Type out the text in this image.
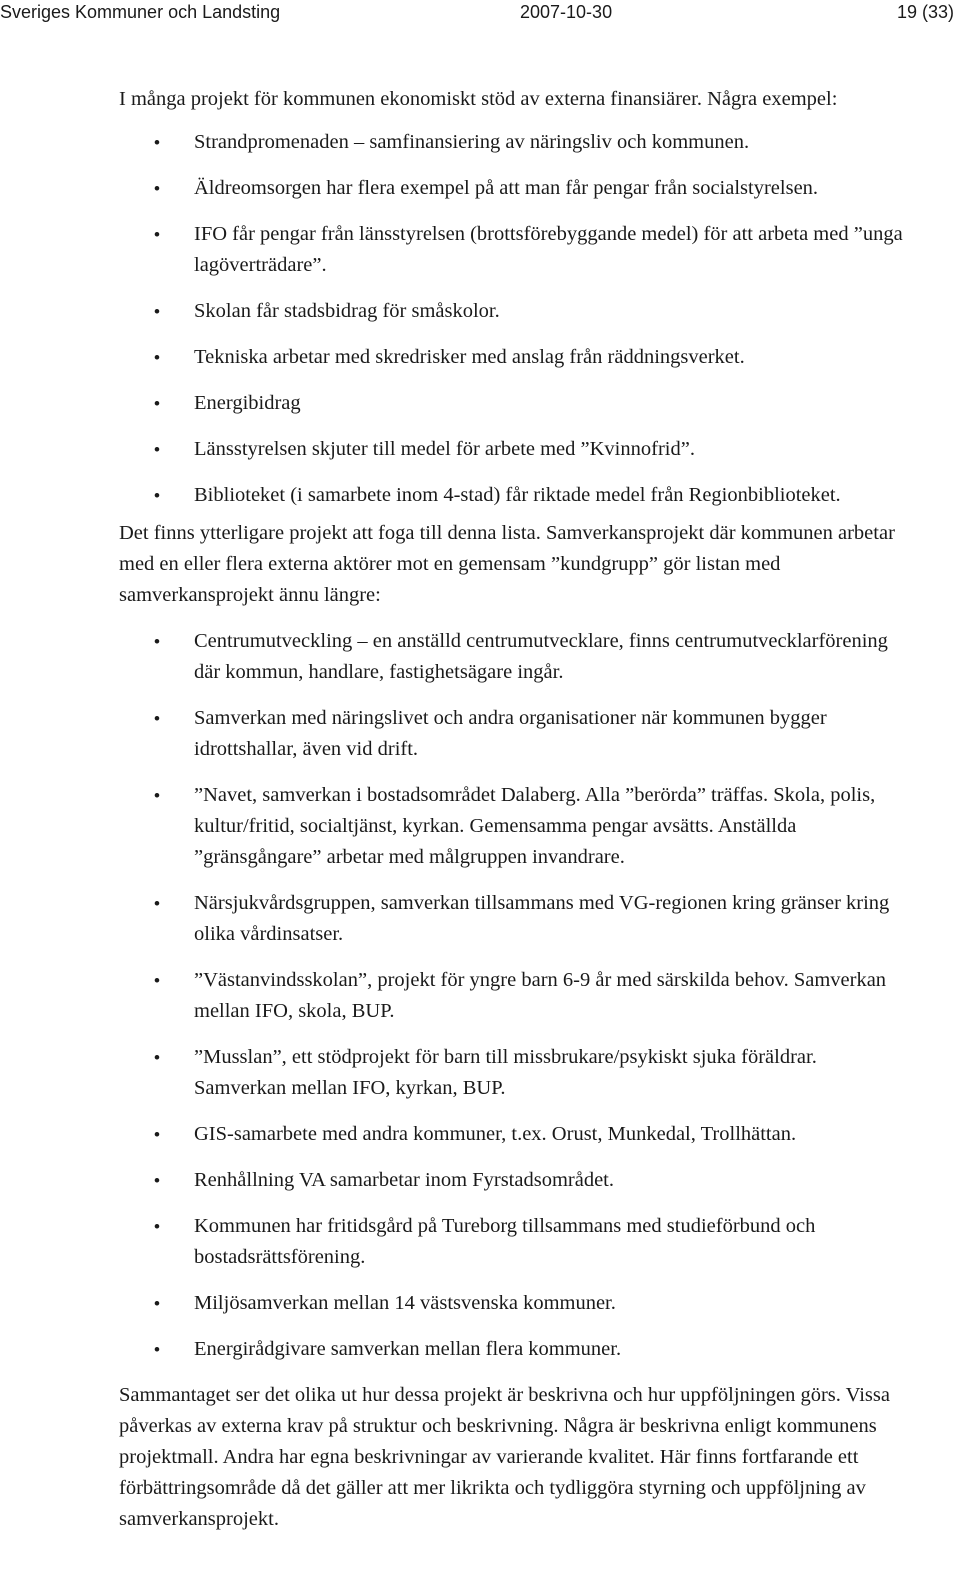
Sveriges Kommuner och Landsting	2007-10-30	19 (33)

I många projekt för kommunen ekonomiskt stöd av externa finansiärer. Några exempel:

• Strandpromenaden – samfinansiering av näringsliv och kommunen.
• Äldreomsorgen har flera exempel på att man får pengar från socialstyrelsen.
• IFO får pengar från länsstyrelsen (brottsförebyggande medel) för att arbeta med ”unga lagöverträdare”.
• Skolan får stadsbidrag för småskolor.
• Tekniska arbetar med skredrisker med anslag från räddningsverket.
• Energibidrag
• Länsstyrelsen skjuter till medel för arbete med ”Kvinnofrid”.
• Biblioteket (i samarbete inom 4-stad) får riktade medel från Regionbiblioteket.

Det finns ytterligare projekt att foga till denna lista. Samverkansprojekt där kommunen arbetar med en eller flera externa aktörer mot en gemensam ”kundgrupp” gör listan med samverkansprojekt ännu längre:

• Centrumutveckling – en anställd centrumutvecklare, finns centrumutvecklarförening där kommun, handlare, fastighetsägare ingår.
• Samverkan med näringslivet och andra organisationer när kommunen bygger idrottshallar, även vid drift.
• ”Navet, samverkan i bostadsområdet Dalaberg. Alla ”berörda” träffas. Skola, polis, kultur/fritid, socialtjänst, kyrkan. Gemensamma pengar avsätts. Anställda ”gränsgångare” arbetar med målgruppen invandrare.
• Närsjukvårdsgruppen, samverkan tillsammans med VG-regionen kring gränser kring olika vårdinsatser.
• ”Västanvindsskolan”, projekt för yngre barn 6-9 år med särskilda behov. Samverkan mellan IFO, skola, BUP.
• ”Musslan”, ett stödprojekt för barn till missbrukare/psykiskt sjuka föräldrar. Samverkan mellan IFO, kyrkan, BUP.
• GIS-samarbete med andra kommuner, t.ex. Orust, Munkedal, Trollhättan.
• Renhållning VA samarbetar inom Fyrstadsområdet.
• Kommunen har fritidsgård på Tureborg tillsammans med studieförbund och bostadsrättsförening.
• Miljösamverkan mellan 14 västsvenska kommuner.
• Energirådgivare samverkan mellan flera kommuner.

Sammantaget ser det olika ut hur dessa projekt är beskrivna och hur uppföljningen görs. Vissa påverkas av externa krav på struktur och beskrivning. Några är beskrivna enligt kommunens projektmall. Andra har egna beskrivningar av varierande kvalitet. Här finns fortfarande ett förbättringsområde då det gäller att mer likrikta och tydliggöra styrning och uppföljning av samverkansprojekt.
